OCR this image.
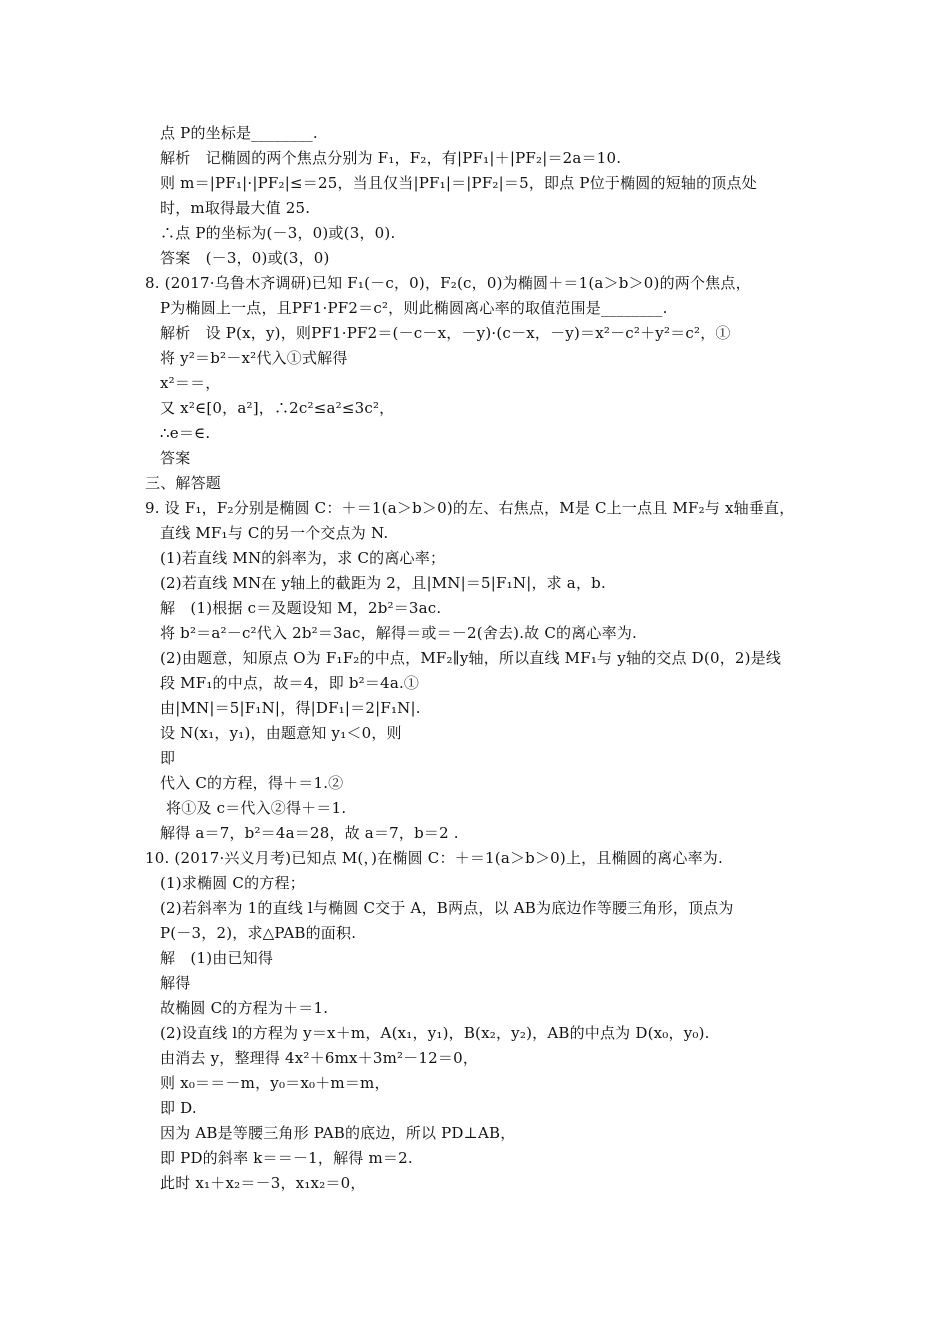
点 P的坐标是________.
解析　记椭圆的两个焦点分别为 F₁，F₂，有|PF₁|＋|PF₂|＝2a＝10.
则 m＝|PF₁|·|PF₂|≤＝25，当且仅当|PF₁|＝|PF₂|＝5，即点 P位于椭圆的短轴的顶点处
时，m取得最大值 25.
∴点 P的坐标为(－3，0)或(3，0).
答案　(－3，0)或(3，0)
8. (2017·乌鲁木齐调研)已知 F₁(－c，0)，F₂(c，0)为椭圆＋＝1(a＞b＞0)的两个焦点，
P为椭圆上一点，且PF1·PF2＝c²，则此椭圆离心率的取值范围是________.
解析　设 P(x，y)，则PF1·PF2＝(－c－x，－y)·(c－x，－y)＝x²－c²＋y²＝c²，①
将 y²＝b²－x²代入①式解得
x²＝＝，
又 x²∈[0，a²]，∴2c²≤a²≤3c²，
∴e＝∈.
答案
三、解答题
9. 设 F₁，F₂分别是椭圆 C：＋＝1(a＞b＞0)的左、右焦点，M是 C上一点且 MF₂与 x轴垂直，
直线 MF₁与 C的另一个交点为 N.
(1)若直线 MN的斜率为，求 C的离心率；
(2)若直线 MN在 y轴上的截距为 2，且|MN|＝5|F₁N|，求 a，b.
解　(1)根据 c＝及题设知 M，2b²＝3ac.
将 b²＝a²－c²代入 2b²＝3ac，解得＝或＝－2(舍去).故 C的离心率为.
(2)由题意，知原点 O为 F₁F₂的中点，MF₂∥y轴，所以直线 MF₁与 y轴的交点 D(0，2)是线
段 MF₁的中点，故＝4，即 b²＝4a.①
由|MN|＝5|F₁N|，得|DF₁|＝2|F₁N|.
设 N(x₁，y₁)，由题意知 y₁＜0，则
即
代入 C的方程，得＋＝1.②
将①及 c＝代入②得＋＝1.
解得 a＝7，b²＝4a＝28，故 a＝7，b＝2 .
10. (2017·兴义月考)已知点 M(，)在椭圆 C：＋＝1(a＞b＞0)上，且椭圆的离心率为.
(1)求椭圆 C的方程；
(2)若斜率为 1的直线 l与椭圆 C交于 A，B两点，以 AB为底边作等腰三角形，顶点为
P(－3，2)，求△PAB的面积.
解　(1)由已知得
解得
故椭圆 C的方程为＋＝1.
(2)设直线 l的方程为 y＝x＋m，A(x₁，y₁)，B(x₂，y₂)，AB的中点为 D(x₀，y₀).
由消去 y，整理得 4x²＋6mx＋3m²－12＝0，
则 x₀＝＝－m，y₀＝x₀＋m＝m，
即 D.
因为 AB是等腰三角形 PAB的底边，所以 PD⊥AB，
即 PD的斜率 k＝＝－1，解得 m＝2.
此时 x₁＋x₂＝－3，x₁x₂＝0，
